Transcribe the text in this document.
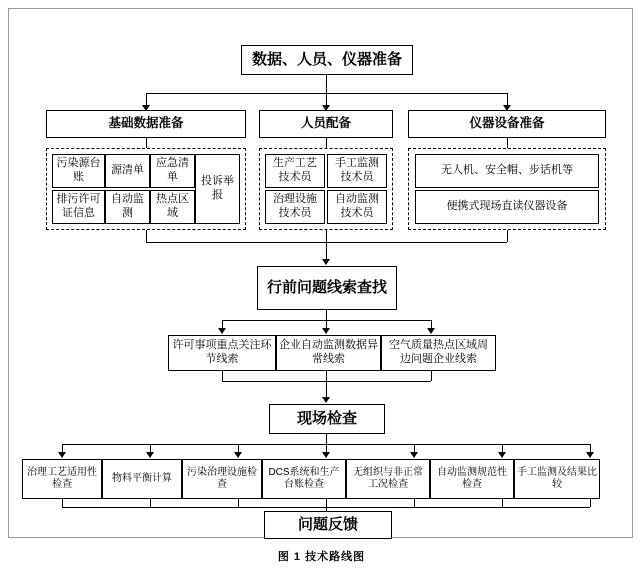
数据、人员、仪器准备
基础数据准备	人员配备	仪器设备准备
污染源台账
源清单
应急清单	投诉举报
排污许可证信息
自动监测
热点区域
生产工艺技术员
手工监测技术员
治理设施技术员
自动监测技术员
无人机、安全帽、步话机等
便携式现场直读仪器设备
行前问题线索查找
许可事项重点关注环节线索
企业自动监测数据异常线索
空气质量热点区域周边问题企业线索
现场检查
治理工艺适用性检查
物料平衡计算
污染治理设施检查
DCS系统和生产台账检查
无组织与非正常工况检查
自动监测规范性检查
手工监测及结果比较
问题反馈
图 1 技术路线图
